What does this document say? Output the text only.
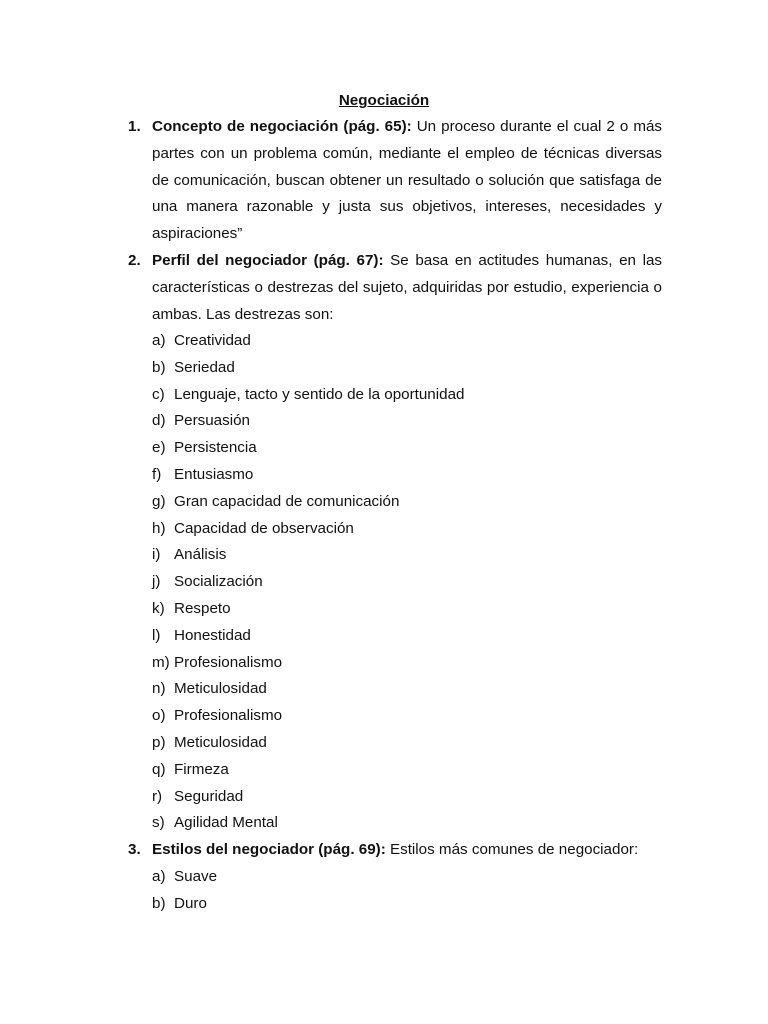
Negociación
1. Concepto de negociación (pág. 65): Un proceso durante el cual 2 o más partes con un problema común, mediante el empleo de técnicas diversas de comunicación, buscan obtener un resultado o solución que satisfaga de una manera razonable y justa sus objetivos, intereses, necesidades y aspiraciones”
2. Perfil del negociador (pág. 67): Se basa en actitudes humanas, en las características o destrezas del sujeto, adquiridas por estudio, experiencia o ambas. Las destrezas son:
a) Creatividad
b) Seriedad
c) Lenguaje, tacto y sentido de la oportunidad
d) Persuasión
e) Persistencia
f) Entusiasmo
g) Gran capacidad de comunicación
h) Capacidad de observación
i) Análisis
j) Socialización
k) Respeto
l) Honestidad
m) Profesionalismo
n) Meticulosidad
o) Profesionalismo
p) Meticulosidad
q) Firmeza
r) Seguridad
s) Agilidad Mental
3. Estilos del negociador (pág. 69): Estilos más comunes de negociador:
a) Suave
b) Duro
